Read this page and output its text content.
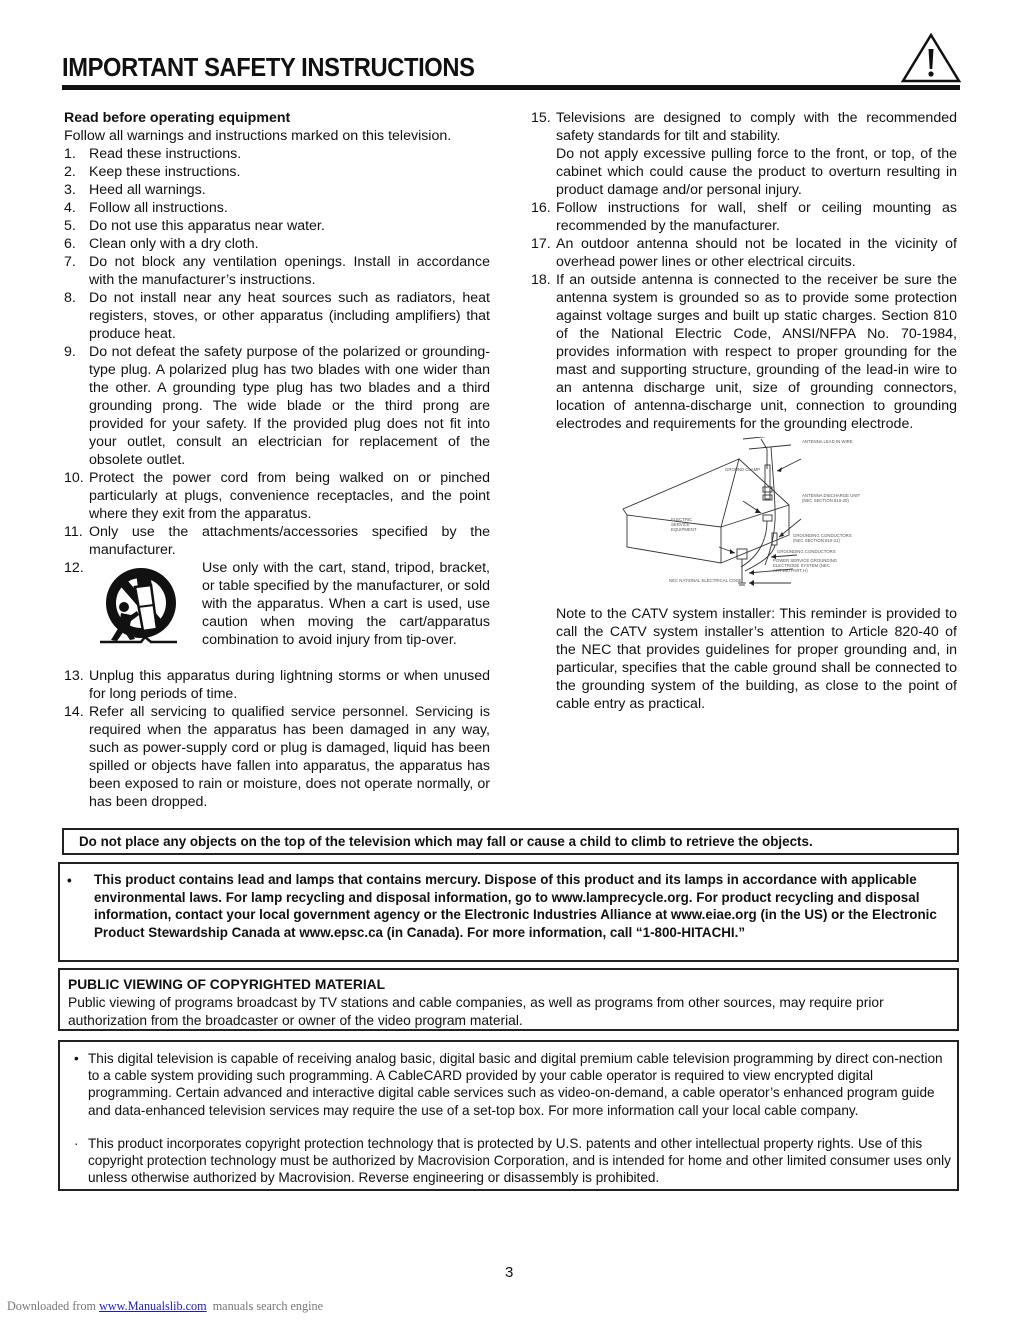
IMPORTANT SAFETY INSTRUCTIONS
Read before operating equipment
Follow all warnings and instructions marked on this television.
1. Read these instructions.

2. Keep these instructions.

3. Heed all warnings.

4. Follow all instructions.

5. Do not use this apparatus near water.

6. Clean only with a dry cloth.

7. Do not block any ventilation openings. Install in accordance with the manufacturer’s instructions.

8. Do not install near any heat sources such as radiators, heat registers, stoves, or other apparatus (including amplifiers) that produce heat.

9. Do not defeat the safety purpose of the polarized or grounding-type plug. A polarized plug has two blades with one wider than the other. A grounding type plug has two blades and a third grounding prong. The wide blade or the third prong are provided for your safety. If the provided plug does not fit into your outlet, consult an electrician for replacement of the obsolete outlet.

10. Protect the power cord from being walked on or pinched particularly at plugs, convenience receptacles, and the point where they exit from the apparatus.

11. Only use the attachments/accessories specified by the manufacturer.

12.	Use only with the cart, stand, tripod, bracket, or table specified by the manufacturer, or sold with the apparatus. When a cart is used, use caution when moving the cart/apparatus combination to avoid injury from tip-over.
13. Unplug this apparatus during lightning storms or when unused for long periods of time.

14. Refer all servicing to qualified service personnel. Servicing is required when the apparatus has been damaged in any way, such as power-supply cord or plug is damaged, liquid has been spilled or objects have fallen into apparatus, the apparatus has been exposed to rain or moisture, does not operate normally, or has been dropped.

15. Televisions are designed to comply with the recommended safety standards for tilt and stability.

Do not apply excessive pulling force to the front, or top, of the cabinet which could cause the product to overturn resulting in product damage and/or personal injury.

16. Follow instructions for wall, shelf or ceiling mounting as recommended by the manufacturer.

17. An outdoor antenna should not be located in the vicinity of overhead power lines or other electrical circuits.

18. If an outside antenna is connected to the receiver be sure the antenna system is grounded so as to provide some protection against voltage surges and built up static charges. Section 810 of the National Electric Code, ANSI/NFPA No. 70-1984, provides information with respect to proper grounding for the mast and supporting structure, grounding of the lead-in wire to an antenna discharge unit, size of grounding connectors, location of antenna-discharge unit, connection to grounding electrodes and requirements for the grounding electrode.

ANTENNA LEAD IN WIRE
GROUND CLAMP
ANTENNA DISCHARGE UNIT (NEC SECTION 810-20)
ELECTRIC SERVICE EQUIPMENT
GROUNDING CONDUCTORS (NEC SECTION 810-21)
GROUNDING CONDUCTORS
POWER SERVICE GROUNDING ELECTRODE SYSTEM (NEC ART 250 PART H)
NEC NATIONAL ELECTRICAL CODE
Note to the CATV system installer: This reminder is provided to call the CATV system installer’s attention to Article 820-40 of the NEC that provides guidelines for proper grounding and, in particular, specifies that the cable ground shall be connected to the grounding system of the building, as close to the point of cable entry as practical.
Do not place any objects on the top of the television which may fall or cause a child to climb to retrieve the objects.
• This product contains lead and lamps that contains mercury. Dispose of this product and its lamps in accordance with applicable environmental laws. For lamp recycling and disposal information, go to www.lamprecycle.org. For product recycling and disposal information, contact your local government agency or the Electronic Industries Alliance at www.eiae.org (in the US) or the Electronic Product Stewardship Canada at www.epsc.ca (in Canada). For more information, call “1-800-HITACHI.”
PUBLIC VIEWING OF COPYRIGHTED MATERIAL
Public viewing of programs broadcast by TV stations and cable companies, as well as programs from other sources, may require prior authorization from the broadcaster or owner of the video program material.
• This digital television is capable of receiving analog basic, digital basic and digital premium cable television programming by direct con-nection to a cable system providing such programming. A CableCARD provided by your cable operator is required to view encrypted digital programming. Certain advanced and interactive digital cable services such as video-on-demand, a cable operator’s enhanced program guide and data-enhanced television services may require the use of a set-top box. For more information call your local cable company.
· This product incorporates copyright protection technology that is protected by U.S. patents and other intellectual property rights. Use of this copyright protection technology must be authorized by Macrovision Corporation, and is intended for home and other limited consumer uses only unless otherwise authorized by Macrovision. Reverse engineering or disassembly is prohibited.
3
Downloaded from www.Manualslib.com  manuals search engine
